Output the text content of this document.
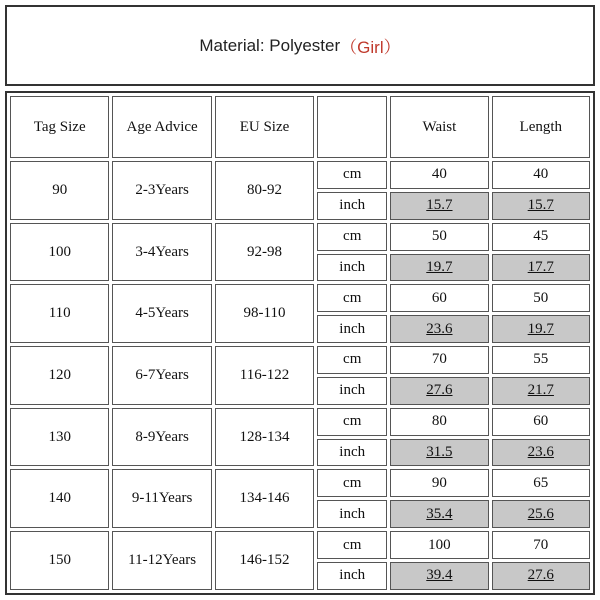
Material: Polyester （Girl）
Tag Size	Age Advice	EU Size		Waist	Length
90	2-3Years	80-92	cm	40	40
			inch	15.7	15.7
100	3-4Years	92-98	cm	50	45
			inch	19.7	17.7
110	4-5Years	98-110	cm	60	50
			inch	23.6	19.7
120	6-7Years	116-122	cm	70	55
			inch	27.6	21.7
130	8-9Years	128-134	cm	80	60
			inch	31.5	23.6
140	9-11Years	134-146	cm	90	65
			inch	35.4	25.6
150	11-12Years	146-152	cm	100	70
			inch	39.4	27.6
